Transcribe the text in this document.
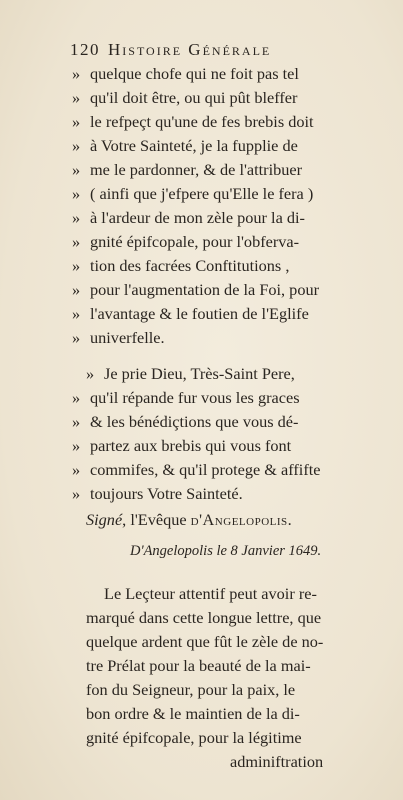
120 Histoire Générale
» quelque chofe qui ne foit pas tel
» qu'il doit être, ou qui pût bleffer
» le refpeçt qu'une de fes brebis doit
» à Votre Sainteté, je la fupplie de
» me le pardonner, & de l'attribuer
» ( ainfi que j'efpere qu'Elle le fera )
» à l'ardeur de mon zèle pour la di-
» gnité épifcopale, pour l'obferva-
» tion des facrées Conftitutions ,
» pour l'augmentation de la Foi, pour
» l'avantage & le foutien de l'Eglife
» univerfelle.
» Je prie Dieu, Très-Saint Pere,
» qu'il répande fur vous les graces
» & les bénédiçtions que vous dé-
» partez aux brebis qui vous font
» commifes, & qu'il protege & affifte
» toujours Votre Sainteté.
Signé, l'Evêque d'Angelopolis.
D'Angelopolis le 8 Janvier 1649.
Le Leçteur attentif peut avoir re-
marqué dans cette longue lettre, que
quelque ardent que fût le zèle de no-
tre Prélat pour la beauté de la mai-
fon du Seigneur, pour la paix, le
bon ordre & le maintien de la di-
gnité épifcopale, pour la légitime
adminiftration
